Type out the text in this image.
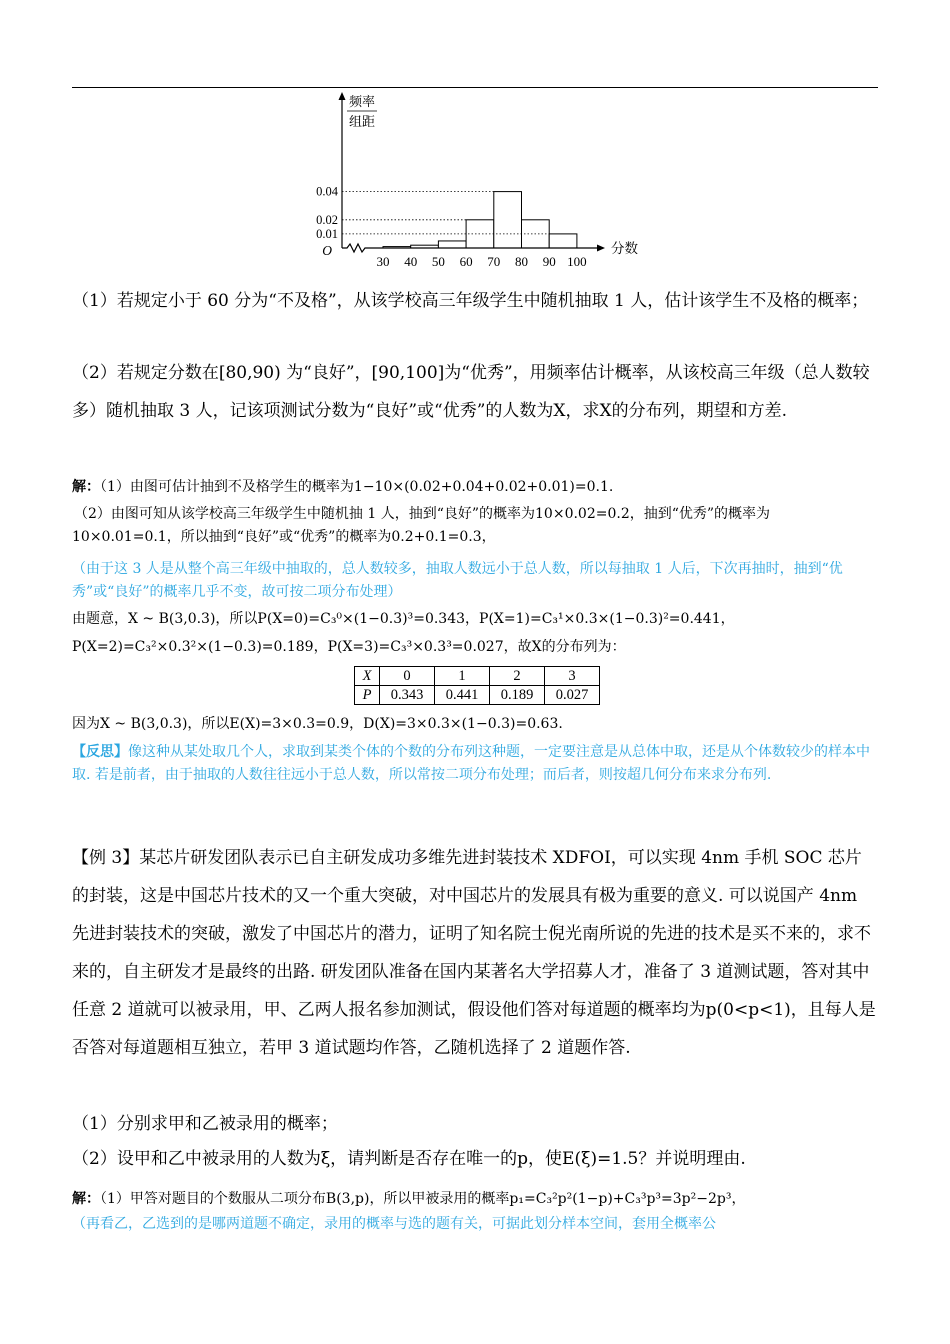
0.04
0.02
0.01
30 40 50 60 70 80 90 100
O	分数
频率
组距

（1）若规定小于 60 分为“不及格”，从该学校高三年级学生中随机抽取 1 人，估计该学生不及格的概率；

（2）若规定分数在[80,90) 为“良好”，[90,100]为“优秀”，用频率估计概率，从该校高三年级（总人数较多）随机抽取 3 人，记该项测试分数为“良好”或“优秀”的人数为X，求X的分布列，期望和方差.

解：（1）由图可估计抽到不及格学生的概率为1−10×(0.02+0.04+0.02+0.01)=0.1.

（2）由图可知从该学校高三年级学生中随机抽 1 人，抽到“良好”的概率为10×0.02=0.2，抽到“优秀”的概率为10×0.01=0.1，所以抽到“良好”或“优秀”的概率为0.2+0.1=0.3，

（由于这 3 人是从整个高三年级中抽取的，总人数较多，抽取人数远小于总人数，所以每抽取 1 人后，下次再抽时，抽到“优秀”或“良好”的概率几乎不变，故可按二项分布处理）

由题意，X ~ B(3,0.3)，所以P(X=0)=C₃⁰×(1−0.3)³=0.343，P(X=1)=C₃¹×0.3×(1−0.3)²=0.441，

P(X=2)=C₃²×0.3²×(1−0.3)=0.189，P(X=3)=C₃³×0.3³=0.027，故X的分布列为：

X	0	1	2	3
P	0.343	0.441	0.189	0.027

因为X ~ B(3,0.3)，所以E(X)=3×0.3=0.9，D(X)=3×0.3×(1−0.3)=0.63.

【反思】像这种从某处取几个人，求取到某类个体的个数的分布列这种题，一定要注意是从总体中取，还是从个体数较少的样本中取. 若是前者，由于抽取的人数往往远小于总人数，所以常按二项分布处理；而后者，则按超几何分布来求分布列.

【例 3】某芯片研发团队表示已自主研发成功多维先进封装技术 XDFOI，可以实现 4nm 手机 SOC 芯片的封装，这是中国芯片技术的又一个重大突破，对中国芯片的发展具有极为重要的意义. 可以说国产 4nm 先进封装技术的突破，激发了中国芯片的潜力，证明了知名院士倪光南所说的先进的技术是买不来的，求不来的，自主研发才是最终的出路. 研发团队准备在国内某著名大学招募人才，准备了 3 道测试题，答对其中任意 2 道就可以被录用，甲、乙两人报名参加测试，假设他们答对每道题的概率均为p(0<p<1)，且每人是否答对每道题相互独立，若甲 3 道试题均作答，乙随机选择了 2 道题作答.

（1）分别求甲和乙被录用的概率；

（2）设甲和乙中被录用的人数为ξ，请判断是否存在唯一的p，使E(ξ)=1.5？并说明理由.

解：（1）甲答对题目的个数服从二项分布B(3,p)，所以甲被录用的概率p₁=C₃²p²(1−p)+C₃³p³=3p²−2p³，

（再看乙，乙选到的是哪两道题不确定，录用的概率与选的题有关，可据此划分样本空间，套用全概率公
